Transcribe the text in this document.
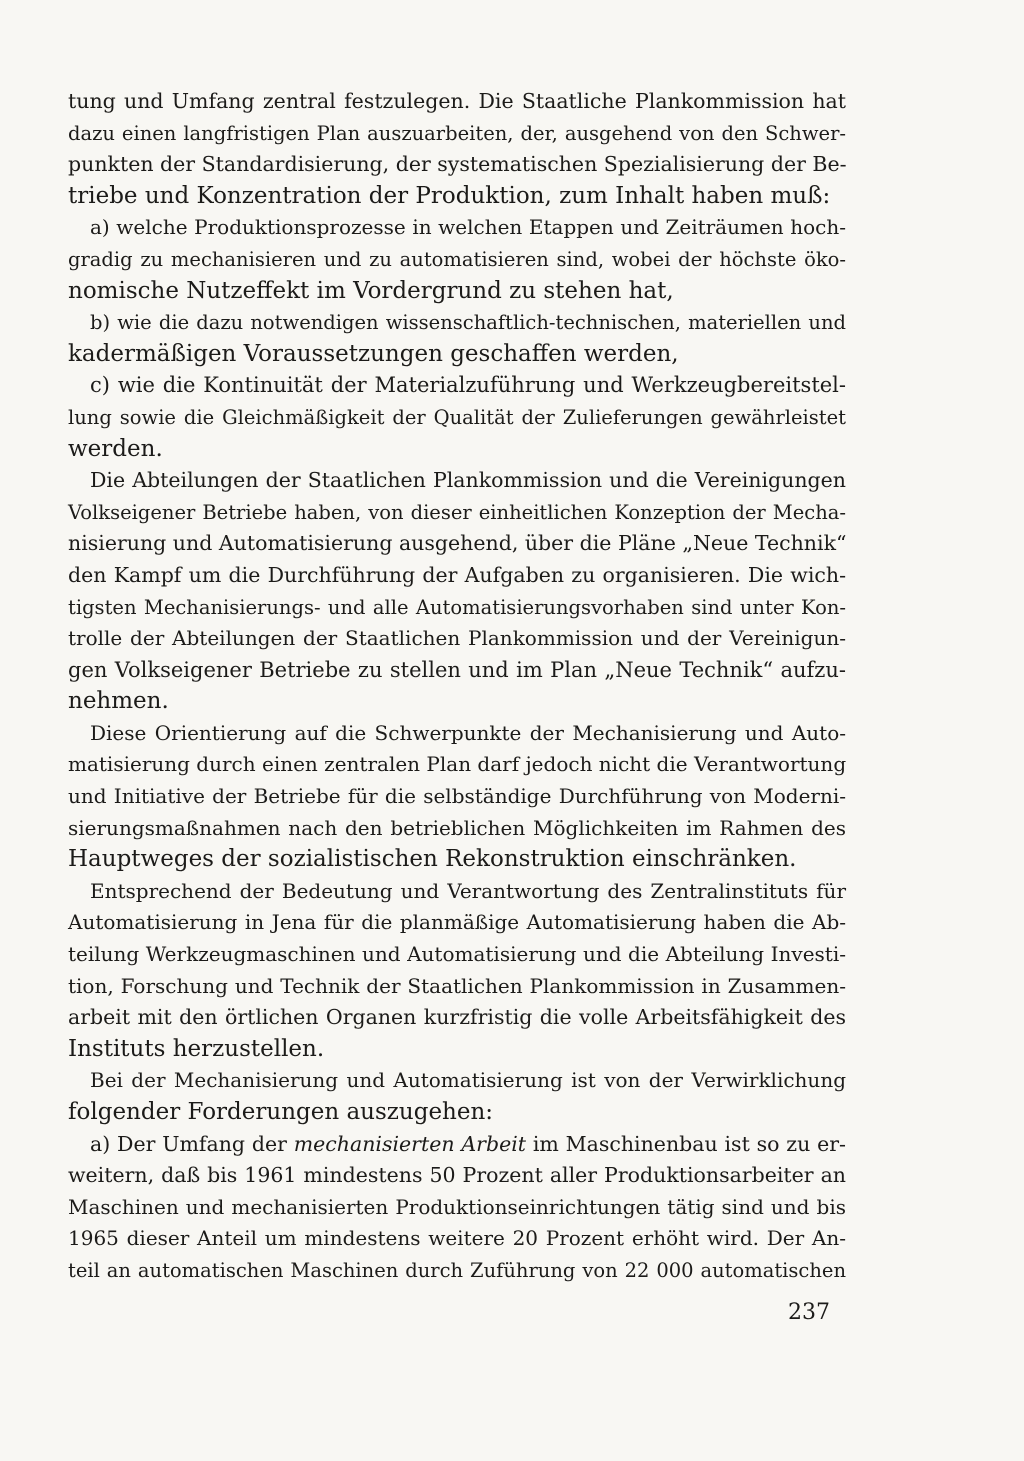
tung und Umfang zentral festzulegen. Die Staatliche Plankommission hat
dazu einen langfristigen Plan auszuarbeiten, der, ausgehend von den Schwer-
punkten der Standardisierung, der systematischen Spezialisierung der Be-
triebe und Konzentration der Produktion, zum Inhalt haben muß:
a) welche Produktionsprozesse in welchen Etappen und Zeiträumen hoch-
gradig zu mechanisieren und zu automatisieren sind, wobei der höchste öko-
nomische Nutzeffekt im Vordergrund zu stehen hat,
b) wie die dazu notwendigen wissenschaftlich-technischen, materiellen und
kadermäßigen Voraussetzungen geschaffen werden,
c) wie die Kontinuität der Materialzuführung und Werkzeugbereitstel-
lung sowie die Gleichmäßigkeit der Qualität der Zulieferungen gewährleistet
werden.
Die Abteilungen der Staatlichen Plankommission und die Vereinigungen
Volkseigener Betriebe haben, von dieser einheitlichen Konzeption der Mecha-
nisierung und Automatisierung ausgehend, über die Pläne „Neue Technik“
den Kampf um die Durchführung der Aufgaben zu organisieren. Die wich-
tigsten Mechanisierungs- und alle Automatisierungsvorhaben sind unter Kon-
trolle der Abteilungen der Staatlichen Plankommission und der Vereinigun-
gen Volkseigener Betriebe zu stellen und im Plan „Neue Technik“ aufzu-
nehmen.
Diese Orientierung auf die Schwerpunkte der Mechanisierung und Auto-
matisierung durch einen zentralen Plan darf jedoch nicht die Verantwortung
und Initiative der Betriebe für die selbständige Durchführung von Moderni-
sierungsmaßnahmen nach den betrieblichen Möglichkeiten im Rahmen des
Hauptweges der sozialistischen Rekonstruktion einschränken.
Entsprechend der Bedeutung und Verantwortung des Zentralinstituts für
Automatisierung in Jena für die planmäßige Automatisierung haben die Ab-
teilung Werkzeugmaschinen und Automatisierung und die Abteilung Investi-
tion, Forschung und Technik der Staatlichen Plankommission in Zusammen-
arbeit mit den örtlichen Organen kurzfristig die volle Arbeitsfähigkeit des
Instituts herzustellen.
Bei der Mechanisierung und Automatisierung ist von der Verwirklichung
folgender Forderungen auszugehen:
a) Der Umfang der mechanisierten Arbeit im Maschinenbau ist so zu er-
weitern, daß bis 1961 mindestens 50 Prozent aller Produktionsarbeiter an
Maschinen und mechanisierten Produktionseinrichtungen tätig sind und bis
1965 dieser Anteil um mindestens weitere 20 Prozent erhöht wird. Der An-
teil an automatischen Maschinen durch Zuführung von 22 000 automatischen
237
